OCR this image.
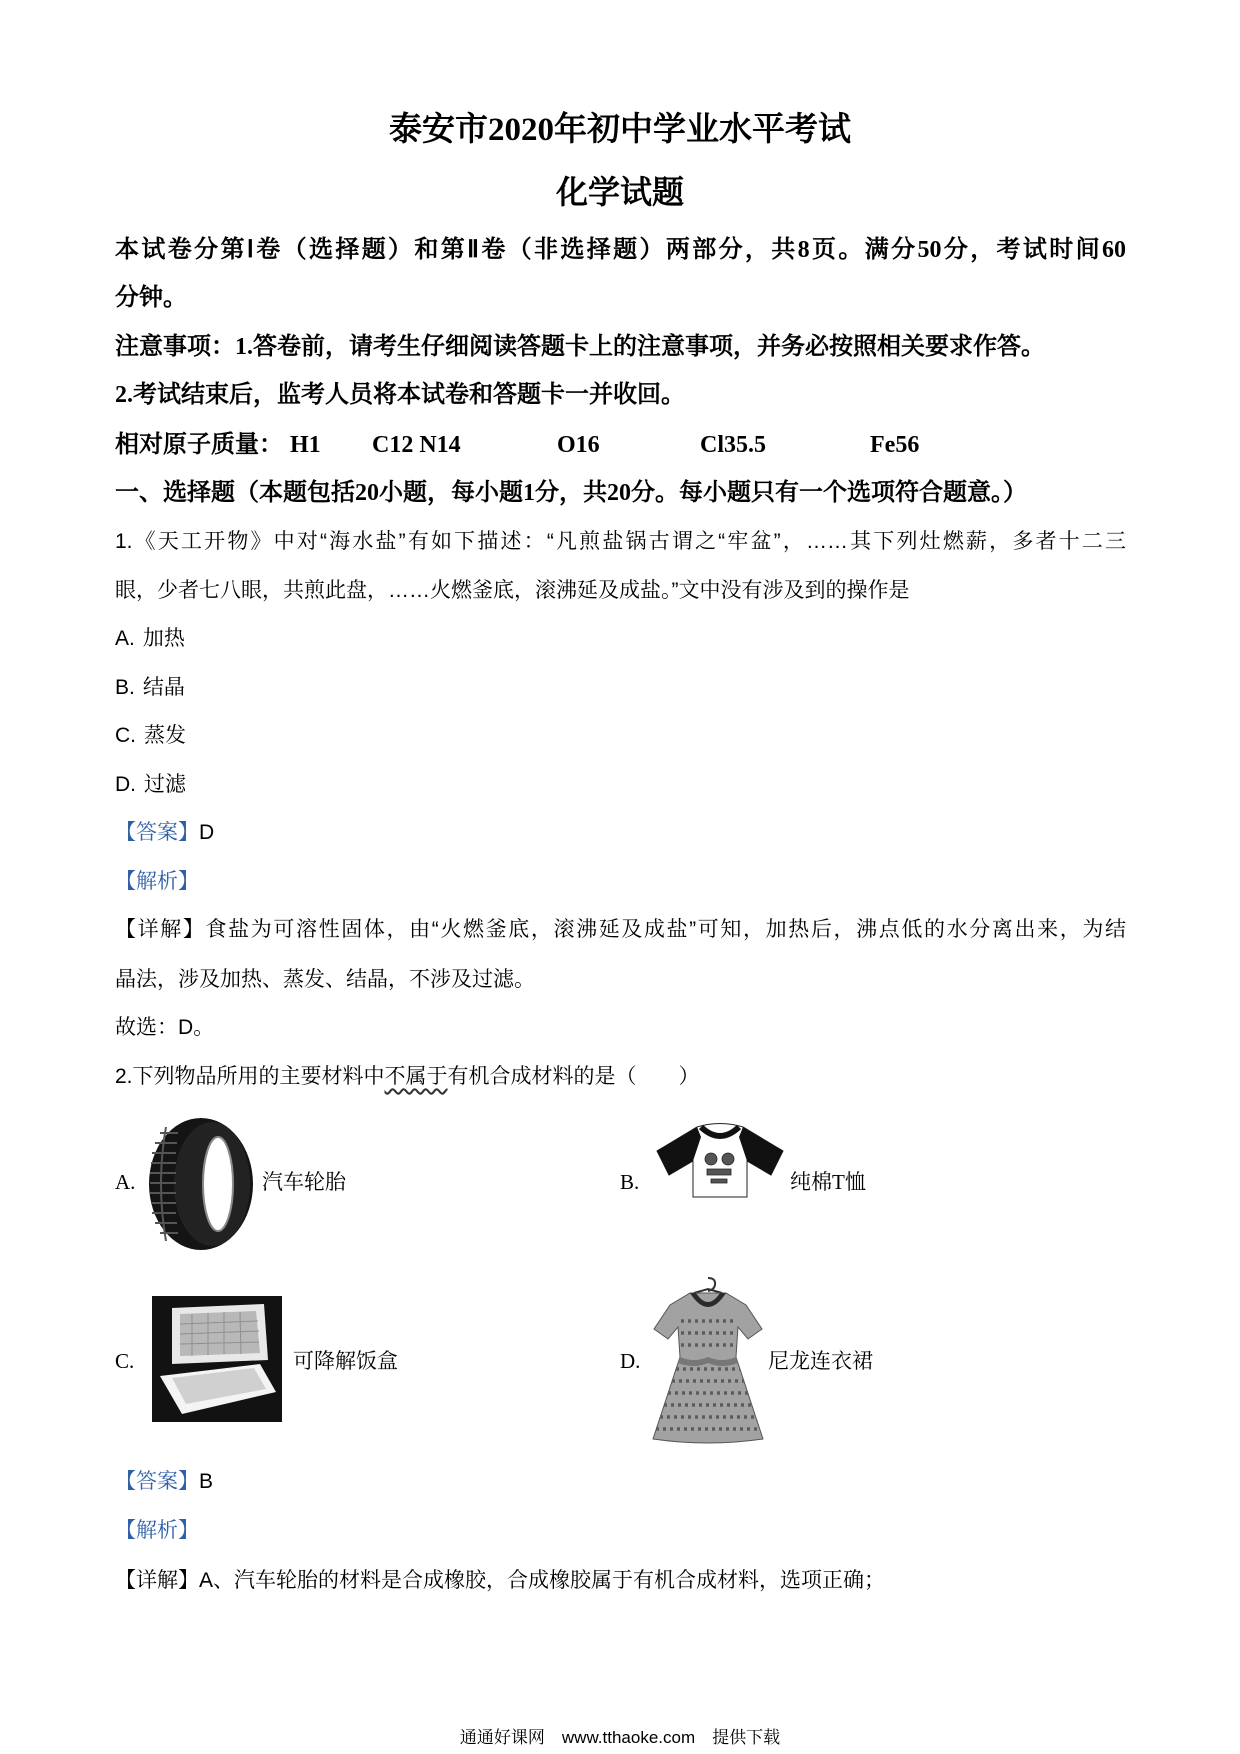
泰安市2020年初中学业水平考试
化学试题
本试卷分第Ⅰ卷（选择题）和第Ⅱ卷（非选择题）两部分，共8页。满分50分，考试时间60
分钟。
注意事项：1.答卷前，请考生仔细阅读答题卡上的注意事项，并务必按照相关要求作答。
2.考试结束后，监考人员将本试卷和答题卡一并收回。
相对原子质量： H1 C12 N14	O16	Cl35.5	Fe56
一、选择题（本题包括20小题，每小题1分，共20分。每小题只有一个选项符合题意。）
1.《天工开物》中对“海水盐”有如下描述：“凡煎盐锅古谓之“牢盆”，……其下列灶燃薪，多者十二三
眼，少者七八眼，共煎此盘，……火燃釜底，滚沸延及成盐。”文中没有涉及到的操作是
A. 加热
B. 结晶
C. 蒸发
D. 过滤
【答案】D
【解析】
【详解】食盐为可溶性固体，由“火燃釜底，滚沸延及成盐”可知，加热后，沸点低的水分离出来，为结
晶法，涉及加热、蒸发、结晶，不涉及过滤。
故选：D。
2.下列物品所用的主要材料中不属于有机合成材料的是（　　）
A.	汽车轮胎	B.	纯棉T恤
C.	可降解饭盒	D.	尼龙连衣裙
【答案】B
【解析】
【详解】A、汽车轮胎的材料是合成橡胶，合成橡胶属于有机合成材料，选项正确；
通通好课网　www.tthaoke.com　提供下载
